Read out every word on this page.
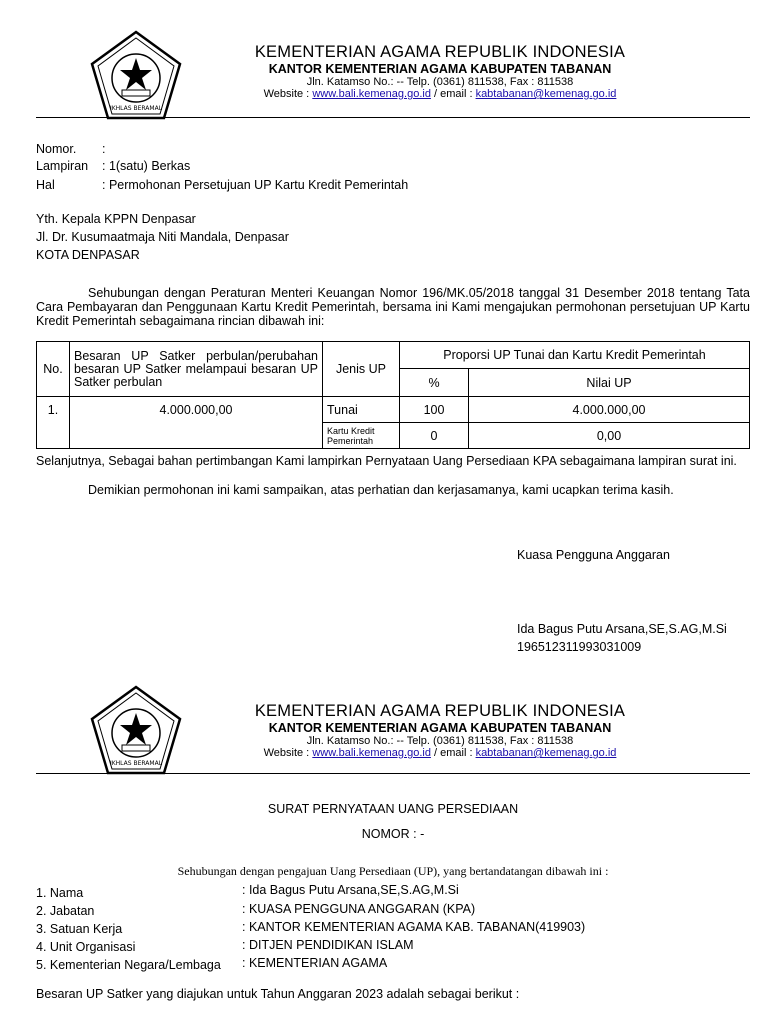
IKHLAS BERAMAL
KEMENTERIAN AGAMA REPUBLIK INDONESIA
KANTOR KEMENTERIAN AGAMA KABUPATEN TABANAN
Jln. Katamso No.: -- Telp. (0361) 811538, Fax : 811538
Website : www.bali.kemenag.go.id / email : kabtabanan@kemenag.go.id
Nomor. :
Lampiran : 1(satu) Berkas
Hal	: Permohonan Persetujuan UP Kartu Kredit Pemerintah
Yth. Kepala KPPN Denpasar
Jl. Dr. Kusumaatmaja Niti Mandala, Denpasar
KOTA DENPASAR
Sehubungan dengan Peraturan Menteri Keuangan Nomor 196/MK.05/2018 tanggal 31 Desember 2018 tentang Tata Cara Pembayaran dan Penggunaan Kartu Kredit Pemerintah, bersama ini Kami mengajukan permohonan persetujuan UP Kartu Kredit Pemerintah sebagaimana rincian dibawah ini:
No.	Besaran UP Satker perbulan/perubahan besaran UP Satker melampaui besaran UP Satker perbulan	Jenis UP	Proporsi UP Tunai dan Kartu Kredit Pemerintah	
			%	Nilai UP
1.	4.000.000,00	Tunai	100	4.000.000,00
		Kartu Kredit Pemerintah	0	0,00
Selanjutnya, Sebagai bahan pertimbangan Kami lampirkan Pernyataan Uang Persediaan KPA sebagaimana lampiran surat ini.
Demikian permohonan ini kami sampaikan, atas perhatian dan kerjasamanya, kami ucapkan terima kasih.
Kuasa Pengguna Anggaran
Ida Bagus Putu Arsana,SE,S.AG,M.Si
196512311993031009
IKHLAS BERAMAL
KEMENTERIAN AGAMA REPUBLIK INDONESIA
KANTOR KEMENTERIAN AGAMA KABUPATEN TABANAN
Jln. Katamso No.: -- Telp. (0361) 811538, Fax : 811538
Website : www.bali.kemenag.go.id / email : kabtabanan@kemenag.go.id
SURAT PERNYATAAN UANG PERSEDIAAN
NOMOR : -
Sehubungan dengan pengajuan Uang Persediaan (UP), yang bertandatangan dibawah ini :
1. Nama	: Ida Bagus Putu Arsana,SE,S.AG,M.Si
2. Jabatan	: KUASA PENGGUNA ANGGARAN (KPA)
3. Satuan Kerja	: KANTOR KEMENTERIAN AGAMA KAB. TABANAN(419903)
4. Unit Organisasi	: DITJEN PENDIDIKAN ISLAM
5. Kementerian Negara/Lembaga : KEMENTERIAN AGAMA
Besaran UP Satker yang diajukan untuk Tahun Anggaran 2023 adalah sebagai berikut :
